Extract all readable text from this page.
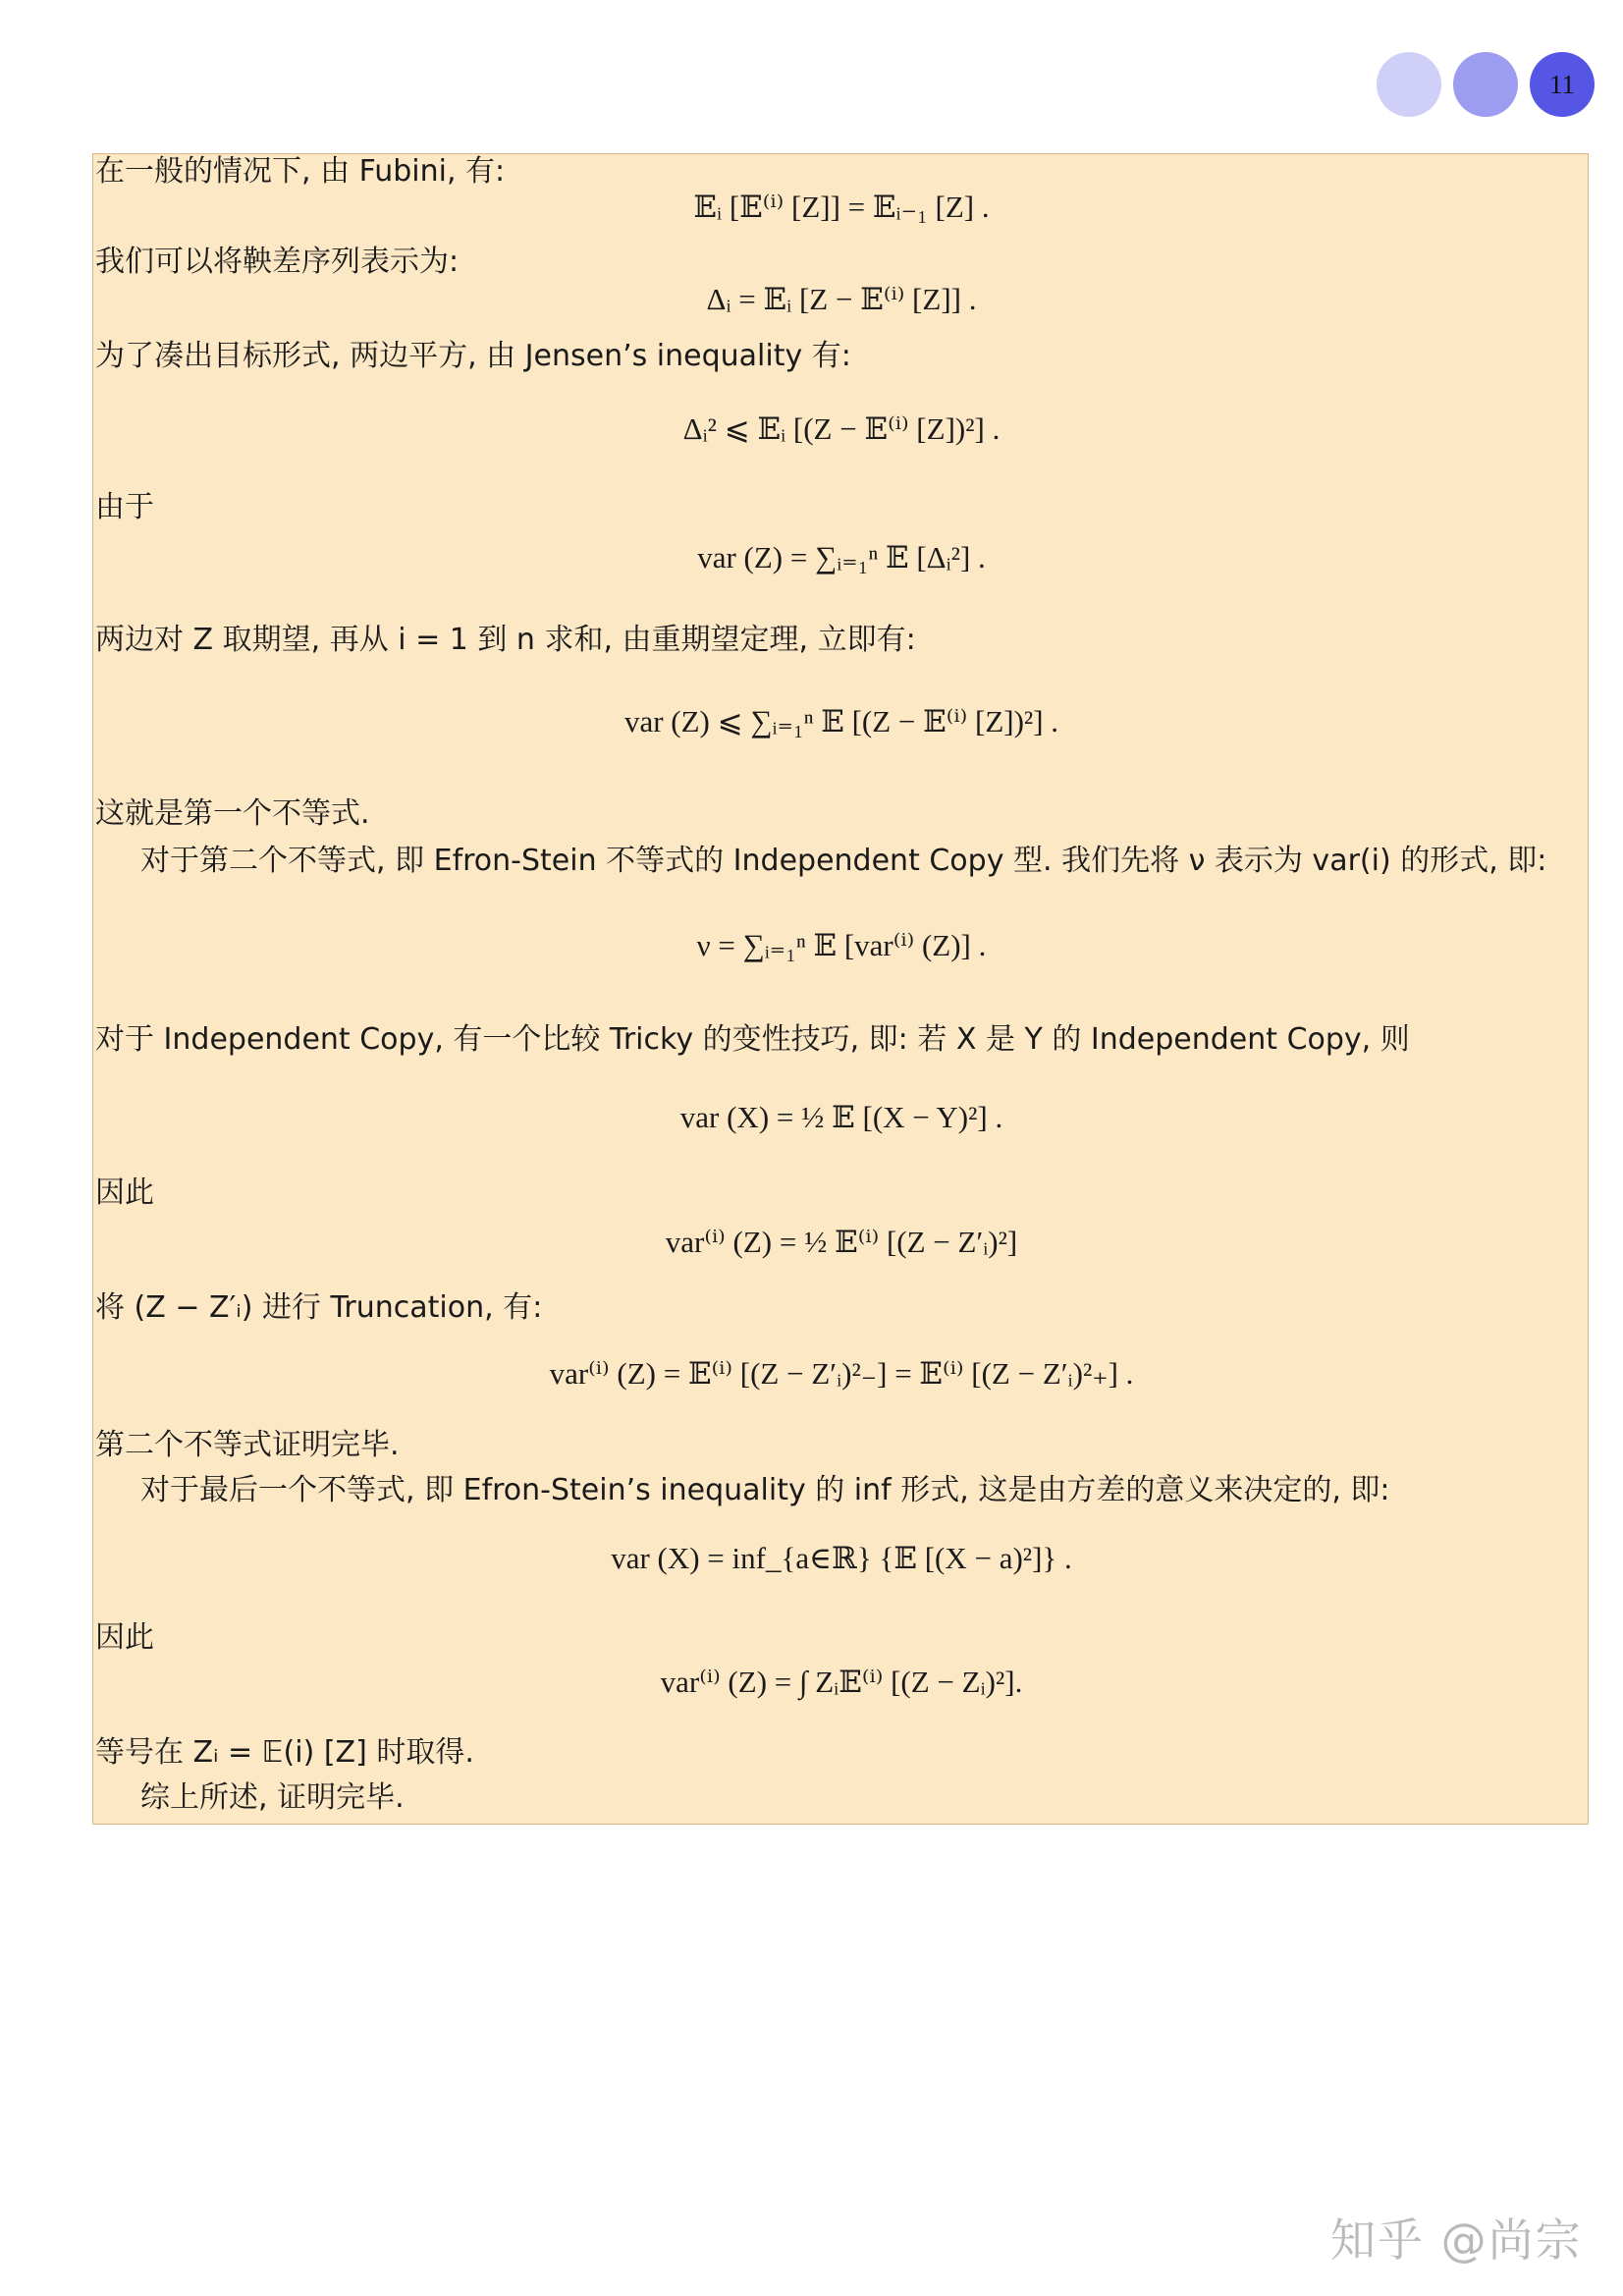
11
在一般的情况下, 由 Fubini, 有:
𝔼ᵢ [𝔼⁽ⁱ⁾ [Z]] = 𝔼ᵢ₋₁ [Z] .
我们可以将鞅差序列表示为:
Δᵢ = 𝔼ᵢ [Z − 𝔼⁽ⁱ⁾ [Z]] .
为了凑出目标形式, 两边平方, 由 Jensen’s inequality 有:
Δᵢ² ⩽ 𝔼ᵢ [(Z − 𝔼⁽ⁱ⁾ [Z])²] .
由于
var (Z) = ∑ᵢ₌₁ⁿ 𝔼 [Δᵢ²] .
两边对 Z 取期望, 再从 i = 1 到 n 求和, 由重期望定理, 立即有:
var (Z) ⩽ ∑ᵢ₌₁ⁿ 𝔼 [(Z − 𝔼⁽ⁱ⁾ [Z])²] .
这就是第一个不等式.
对于第二个不等式, 即 Efron-Stein 不等式的 Independent Copy 型. 我们先将 ν 表示为 var(i) 的形式, 即:
ν = ∑ᵢ₌₁ⁿ 𝔼 [var⁽ⁱ⁾ (Z)] .
对于 Independent Copy, 有一个比较 Tricky 的变性技巧, 即: 若 X 是 Y 的 Independent Copy, 则
var (X) = ½ 𝔼 [(X − Y)²] .
因此
var⁽ⁱ⁾ (Z) = ½ 𝔼⁽ⁱ⁾ [(Z − Z′ᵢ)²]
将 (Z − Z′ᵢ) 进行 Truncation, 有:
var⁽ⁱ⁾ (Z) = 𝔼⁽ⁱ⁾ [(Z − Z′ᵢ)²₋] = 𝔼⁽ⁱ⁾ [(Z − Z′ᵢ)²₊] .
第二个不等式证明完毕.
对于最后一个不等式, 即 Efron-Stein’s inequality 的 inf 形式, 这是由方差的意义来决定的, 即:
var (X) = inf_{a∈ℝ} {𝔼 [(X − a)²]} .
因此
var⁽ⁱ⁾ (Z) = ∫ Zᵢ𝔼⁽ⁱ⁾ [(Z − Zᵢ)²].
等号在 Zᵢ = 𝔼(i) [Z] 时取得.
综上所述, 证明完毕.
知乎 @尚宗
